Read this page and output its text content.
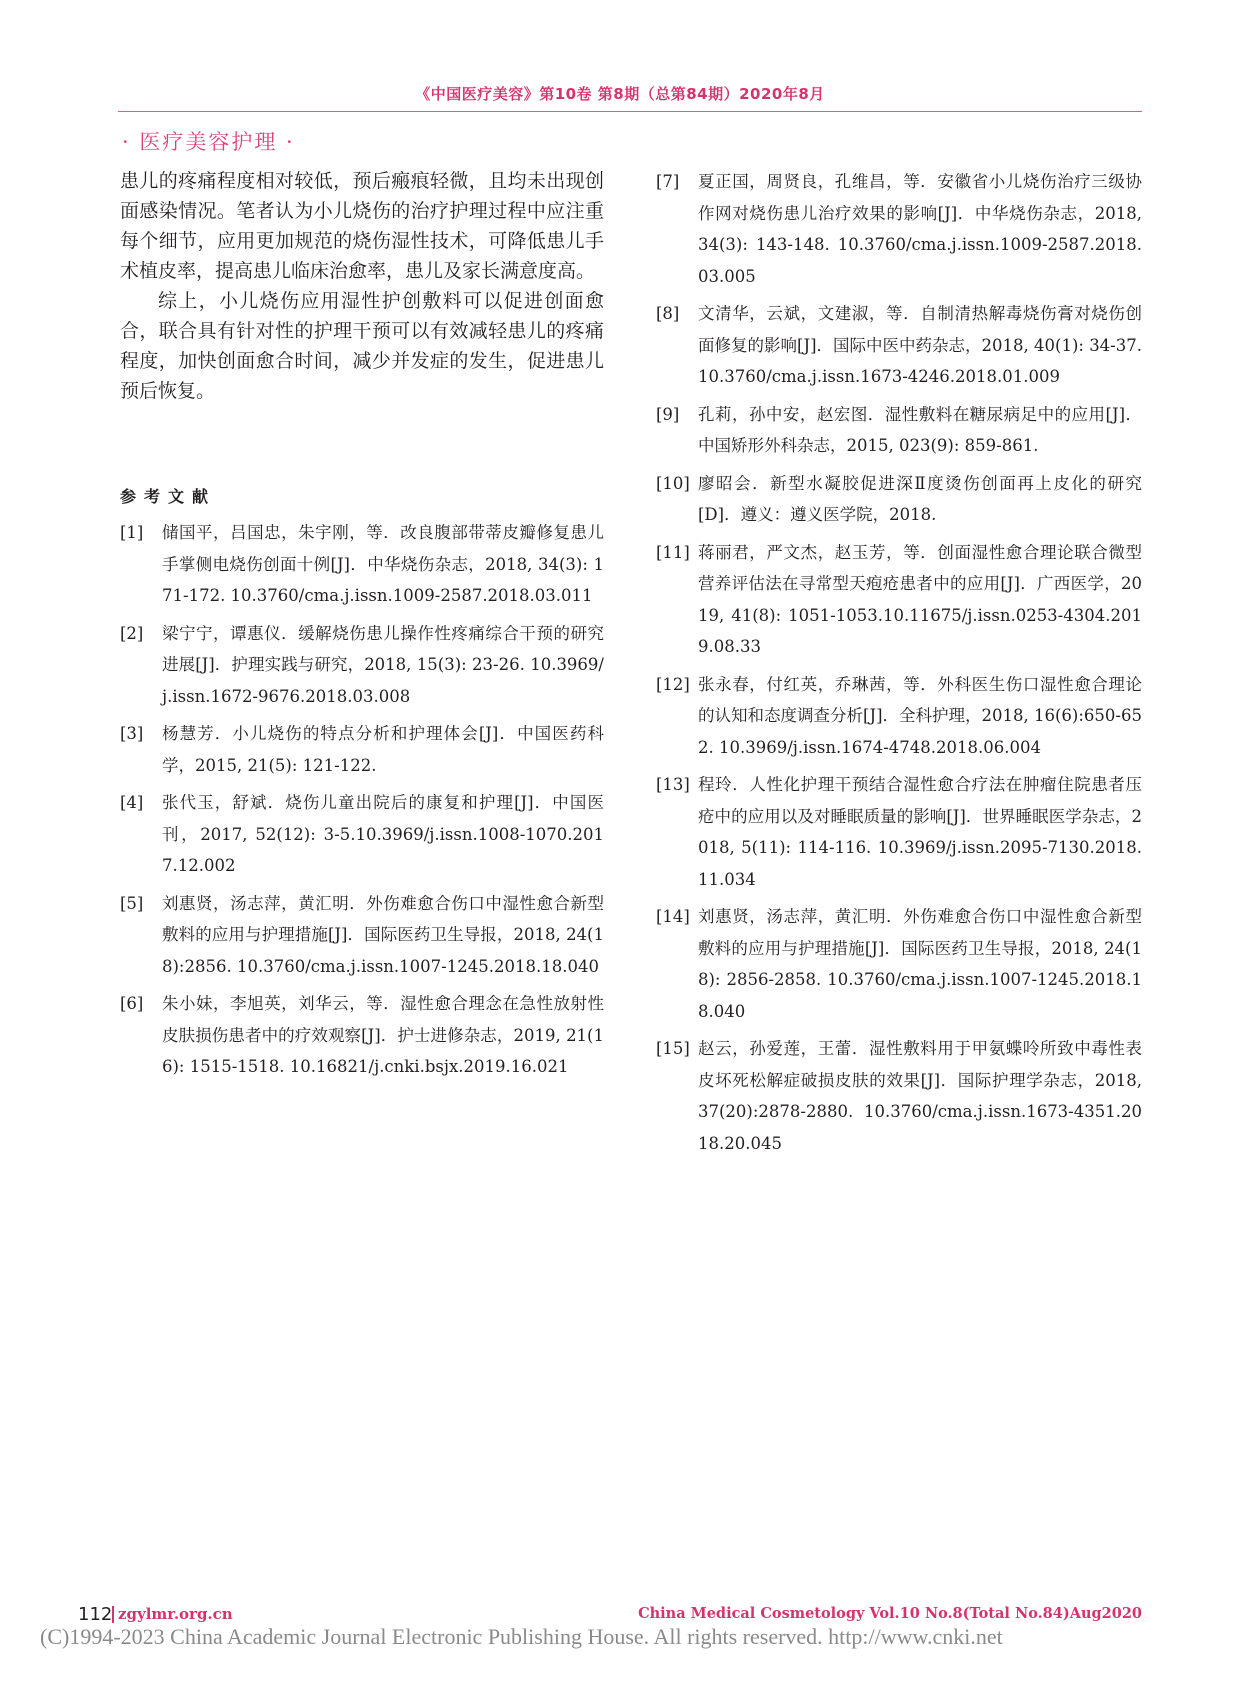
《中国医疗美容》第10卷 第8期（总第84期）2020年8月
· 医疗美容护理 ·

患儿的疼痛程度相对较低，预后瘢痕轻微，且均未出现创面感染情况。笔者认为小儿烧伤的治疗护理过程中应注重每个细节，应用更加规范的烧伤湿性技术，可降低患儿手术植皮率，提高患儿临床治愈率，患儿及家长满意度高。

综上，小儿烧伤应用湿性护创敷料可以促进创面愈合，联合具有针对性的护理干预可以有效减轻患儿的疼痛程度，加快创面愈合时间，减少并发症的发生，促进患儿预后恢复。

参考文献
[1] 储国平，吕国忠，朱宇刚，等．改良腹部带蒂皮瓣修复患儿手掌侧电烧伤创面十例[J]．中华烧伤杂志，2018, 34(3): 171-172. 10.3760/cma.j.issn.1009-2587.2018.03.011
[2] 梁宁宁，谭惠仪．缓解烧伤患儿操作性疼痛综合干预的研究进展[J]．护理实践与研究，2018, 15(3): 23-26. 10.3969/j.issn.1672-9676.2018.03.008
[3] 杨慧芳．小儿烧伤的特点分析和护理体会[J]．中国医药科学，2015, 21(5): 121-122.
[4] 张代玉，舒斌．烧伤儿童出院后的康复和护理[J]．中国医刊，2017, 52(12): 3-5.10.3969/j.issn.1008-1070.2017.12.002
[5] 刘惠贤，汤志萍，黄汇明．外伤难愈合伤口中湿性愈合新型敷料的应用与护理措施[J]．国际医药卫生导报，2018, 24(18):2856. 10.3760/cma.j.issn.1007-1245.2018.18.040
[6] 朱小妹，李旭英，刘华云，等．湿性愈合理念在急性放射性皮肤损伤患者中的疗效观察[J]．护士进修杂志，2019, 21(16): 1515-1518. 10.16821/j.cnki.bsjx.2019.16.021
[7] 夏正国，周贤良，孔维昌，等．安徽省小儿烧伤治疗三级协作网对烧伤患儿治疗效果的影响[J]．中华烧伤杂志，2018, 34(3): 143-148. 10.3760/cma.j.issn.1009-2587.2018.03.005
[8] 文清华，云斌，文建淑，等．自制清热解毒烧伤膏对烧伤创面修复的影响[J]．国际中医中药杂志，2018, 40(1): 34-37.10.3760/cma.j.issn.1673-4246.2018.01.009
[9] 孔莉，孙中安，赵宏图．湿性敷料在糖尿病足中的应用[J]．中国矫形外科杂志，2015, 023(9): 859-861.
[10] 廖昭会．新型水凝胶促进深Ⅱ度烫伤创面再上皮化的研究[D]．遵义：遵义医学院，2018.
[11] 蒋丽君，严文杰，赵玉芳，等．创面湿性愈合理论联合微型营养评估法在寻常型天疱疮患者中的应用[J]．广西医学，2019, 41(8): 1051-1053.10.11675/j.issn.0253-4304.2019.08.33
[12] 张永春，付红英，乔琳茜，等．外科医生伤口湿性愈合理论的认知和态度调查分析[J]．全科护理，2018, 16(6):650-652. 10.3969/j.issn.1674-4748.2018.06.004
[13] 程玲．人性化护理干预结合湿性愈合疗法在肿瘤住院患者压疮中的应用以及对睡眠质量的影响[J]．世界睡眠医学杂志，2018, 5(11): 114-116. 10.3969/j.issn.2095-7130.2018.11.034
[14] 刘惠贤，汤志萍，黄汇明．外伤难愈合伤口中湿性愈合新型敷料的应用与护理措施[J]．国际医药卫生导报，2018, 24(18): 2856-2858. 10.3760/cma.j.issn.1007-1245.2018.18.040
[15] 赵云，孙爱莲，王蕾．湿性敷料用于甲氨蝶呤所致中毒性表皮坏死松解症破损皮肤的效果[J]．国际护理学杂志，2018, 37(20):2878-2880. 10.3760/cma.j.issn.1673-4351.2018.20.045
112 zgylmr.org.cn	China Medical Cosmetology Vol.10 No.8(Total No.84)Aug2020
(C)1994-2023 China Academic Journal Electronic Publishing House. All rights reserved. http://www.cnki.net
